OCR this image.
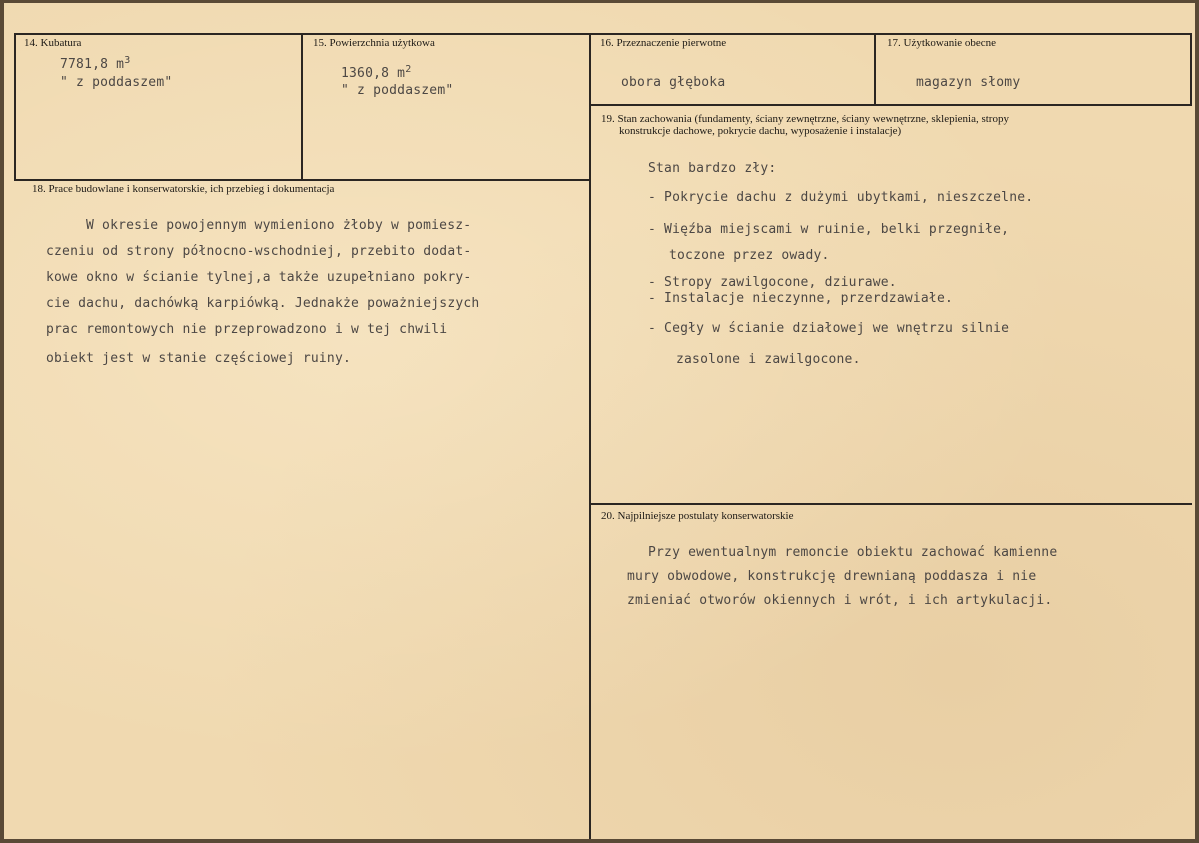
14. Kubatura
7781,8 $m^3$
" z poddaszem"
15. Powierzchnia użytkowa
1360,8 $m^2$
" z poddaszem"
16. Przeznaczenie pierwotne
obora głęboka
17. Użytkowanie obecne
magazyn słomy
18. Prace budowlane i konserwatorskie, ich przebieg i dokumentacja
W okresie powojennym wymieniono żłoby w pomiesz-
czeniu od strony północno-wschodniej, przebito dodat-
kowe okno w ścianie tylnej,a także uzupełniano pokry-
cie dachu, dachówką karpiówką. Jednakże poważniejszych
prac remontowych nie przeprowadzono i w tej chwili
obiekt jest w stanie częściowej ruiny.
19. Stan zachowania (fundamenty, ściany zewnętrzne, ściany wewnętrzne, sklepienia, stropy
konstrukcje dachowe, pokrycie dachu, wyposażenie i instalacje)
Stan bardzo zły:
- Pokrycie dachu z dużymi ubytkami, nieszczelne.
- Więźba miejscami w ruinie, belki przegniłe,
toczone przez owady.
- Stropy zawilgocone, dziurawe.
- Instalacje nieczynne, przerdzawiałe.
- Cegły w ścianie działowej we wnętrzu silnie
zasolone i zawilgocone.
20. Najpilniejsze postulaty konserwatorskie
Przy ewentualnym remoncie obiektu zachować kamienne
mury obwodowe, konstrukcję drewnianą poddasza i nie
zmieniać otworów okiennych i wrót, i ich artykulacji.
